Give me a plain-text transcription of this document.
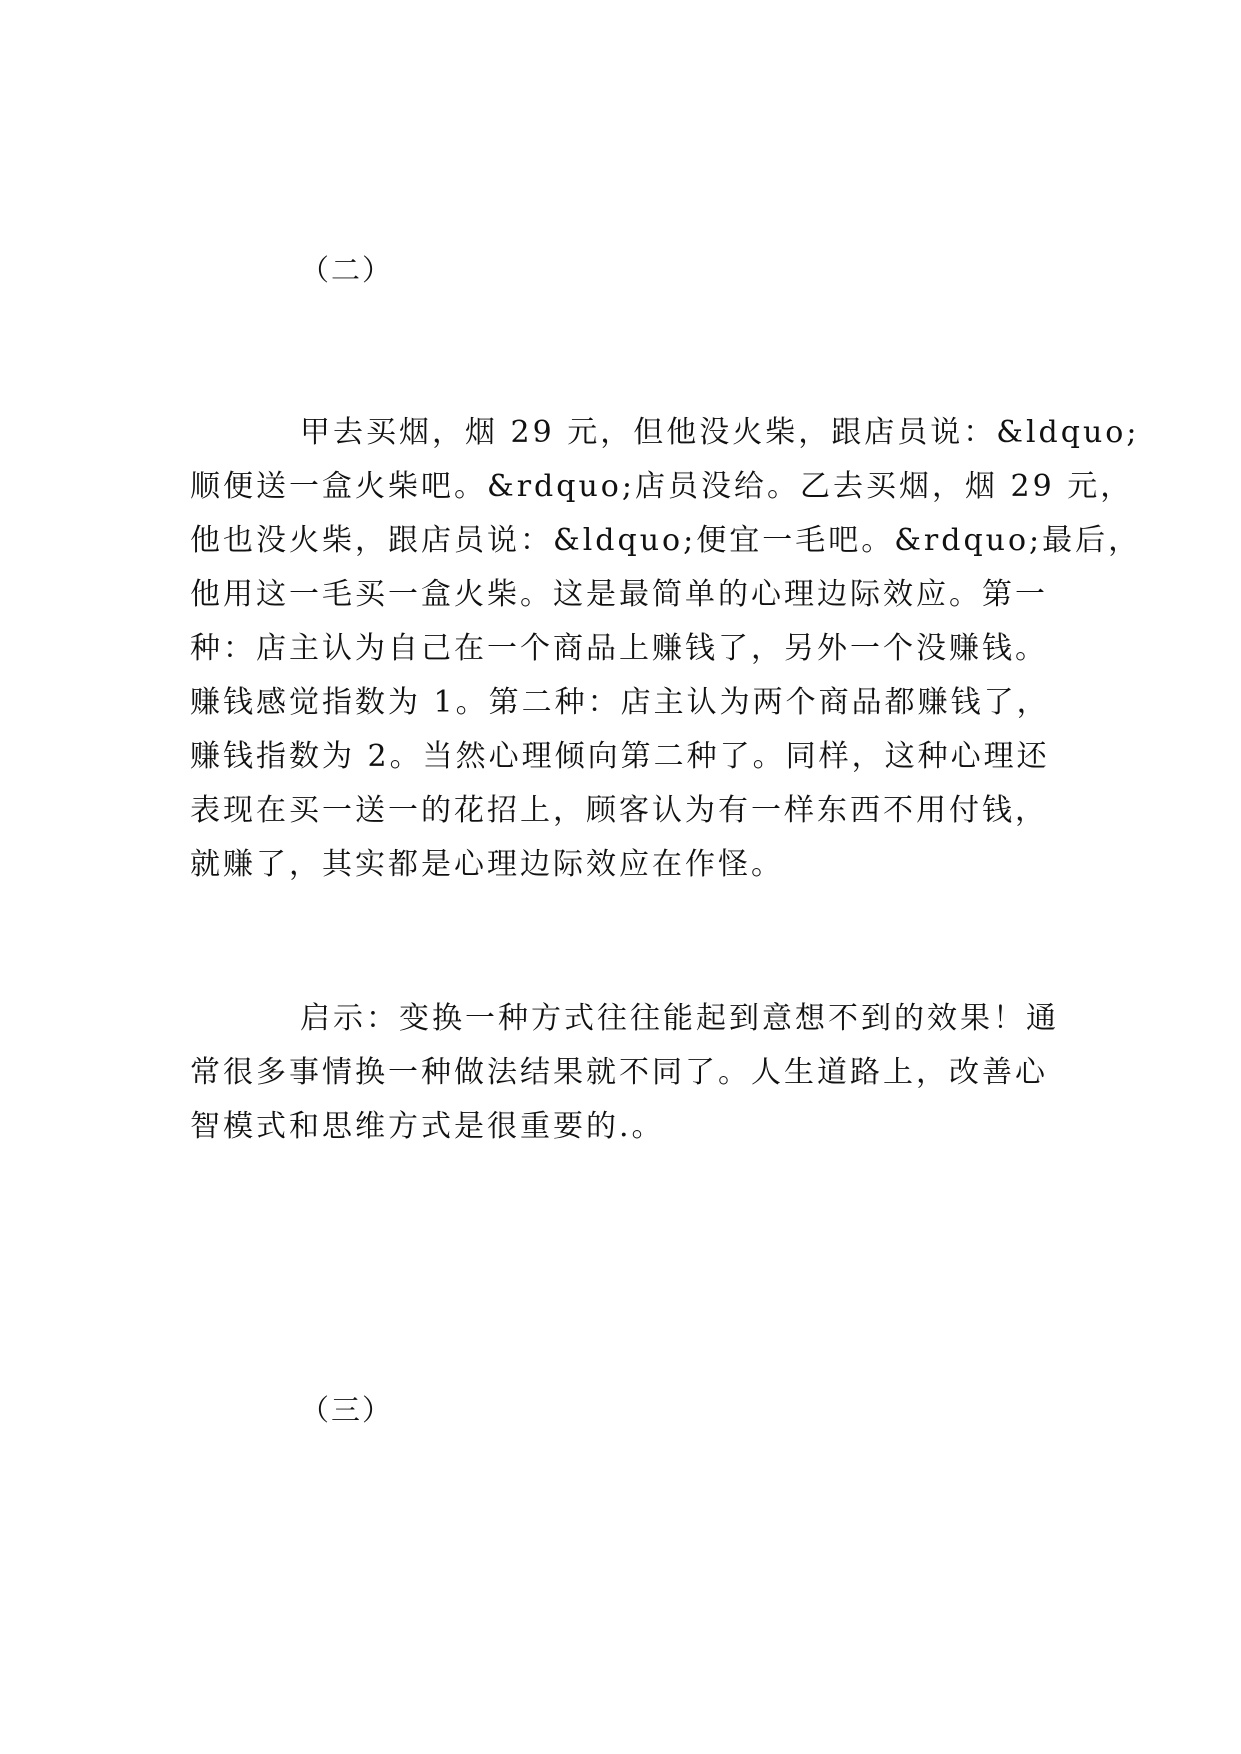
（二）
甲去买烟，烟 29 元，但他没火柴，跟店员说：&ldquo;
顺便送一盒火柴吧。&rdquo;店员没给。乙去买烟，烟 29 元，
他也没火柴，跟店员说：&ldquo;便宜一毛吧。&rdquo;最后，
他用这一毛买一盒火柴。这是最简单的心理边际效应。第一
种：店主认为自己在一个商品上赚钱了，另外一个没赚钱。
赚钱感觉指数为 1。第二种：店主认为两个商品都赚钱了，
赚钱指数为 2。当然心理倾向第二种了。同样，这种心理还
表现在买一送一的花招上，顾客认为有一样东西不用付钱，
就赚了，其实都是心理边际效应在作怪。
启示：变换一种方式往往能起到意想不到的效果！通
常很多事情换一种做法结果就不同了。人生道路上，改善心
智模式和思维方式是很重要的.。
（三）
